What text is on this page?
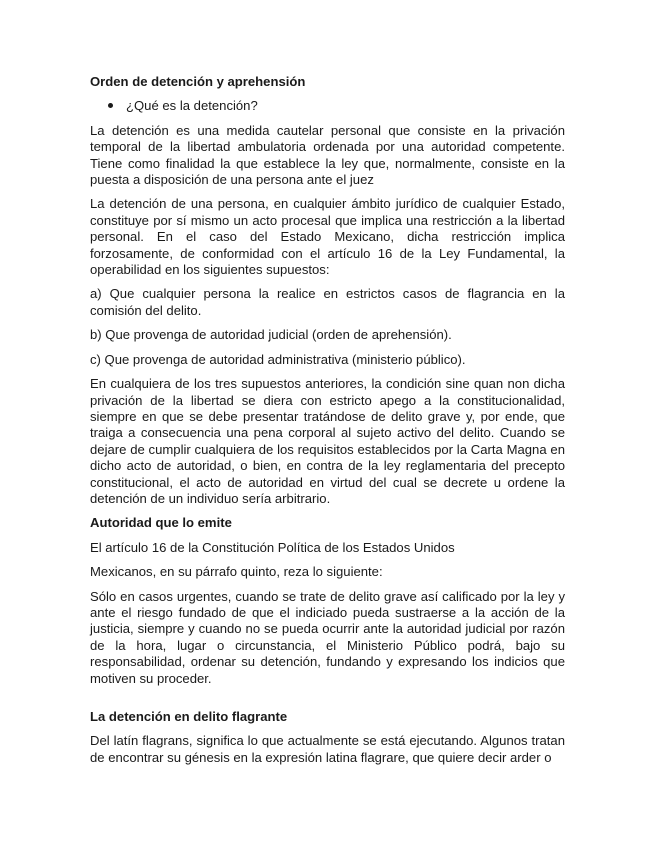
Orden de detención y aprehensión
¿Qué es la detención?

La detención es una medida cautelar personal que consiste en la privación temporal de la libertad ambulatoria ordenada por una autoridad competente. Tiene como finalidad la que establece la ley que, normalmente, consiste en la puesta a disposición de una persona ante el juez

La detención de una persona, en cualquier ámbito jurídico de cualquier Estado, constituye por sí mismo un acto procesal que implica una restricción a la libertad personal. En el caso del Estado Mexicano, dicha restricción implica forzosamente, de conformidad con el artículo 16 de la Ley Fundamental, la operabilidad en los siguientes supuestos:

a) Que cualquier persona la realice en estrictos casos de flagrancia en la comisión del delito.

b) Que provenga de autoridad judicial (orden de aprehensión).

c) Que provenga de autoridad administrativa (ministerio público).

En cualquiera de los tres supuestos anteriores, la condición sine quan non dicha privación de la libertad se diera con estricto apego a la constitucionalidad, siempre en que se debe presentar tratándose de delito grave y, por ende, que traiga a consecuencia una pena corporal al sujeto activo del delito. Cuando se dejare de cumplir cualquiera de los requisitos establecidos por la Carta Magna en dicho acto de autoridad, o bien, en contra de la ley reglamentaria del precepto constitucional, el acto de autoridad en virtud del cual se decrete u ordene la detención de un individuo sería arbitrario.

Autoridad que lo emite

El artículo 16 de la Constitución Política de los Estados Unidos

Mexicanos, en su párrafo quinto, reza lo siguiente:

Sólo en casos urgentes, cuando se trate de delito grave así calificado por la ley y ante el riesgo fundado de que el indiciado pueda sustraerse a la acción de la justicia, siempre y cuando no se pueda ocurrir ante la autoridad judicial por razón de la hora, lugar o circunstancia, el Ministerio Público podrá, bajo su responsabilidad, ordenar su detención, fundando y expresando los indicios que motiven su proceder.

La detención en delito flagrante

Del latín flagrans, significa lo que actualmente se está ejecutando. Algunos tratan de encontrar su génesis en la expresión latina flagrare, que quiere decir arder o
